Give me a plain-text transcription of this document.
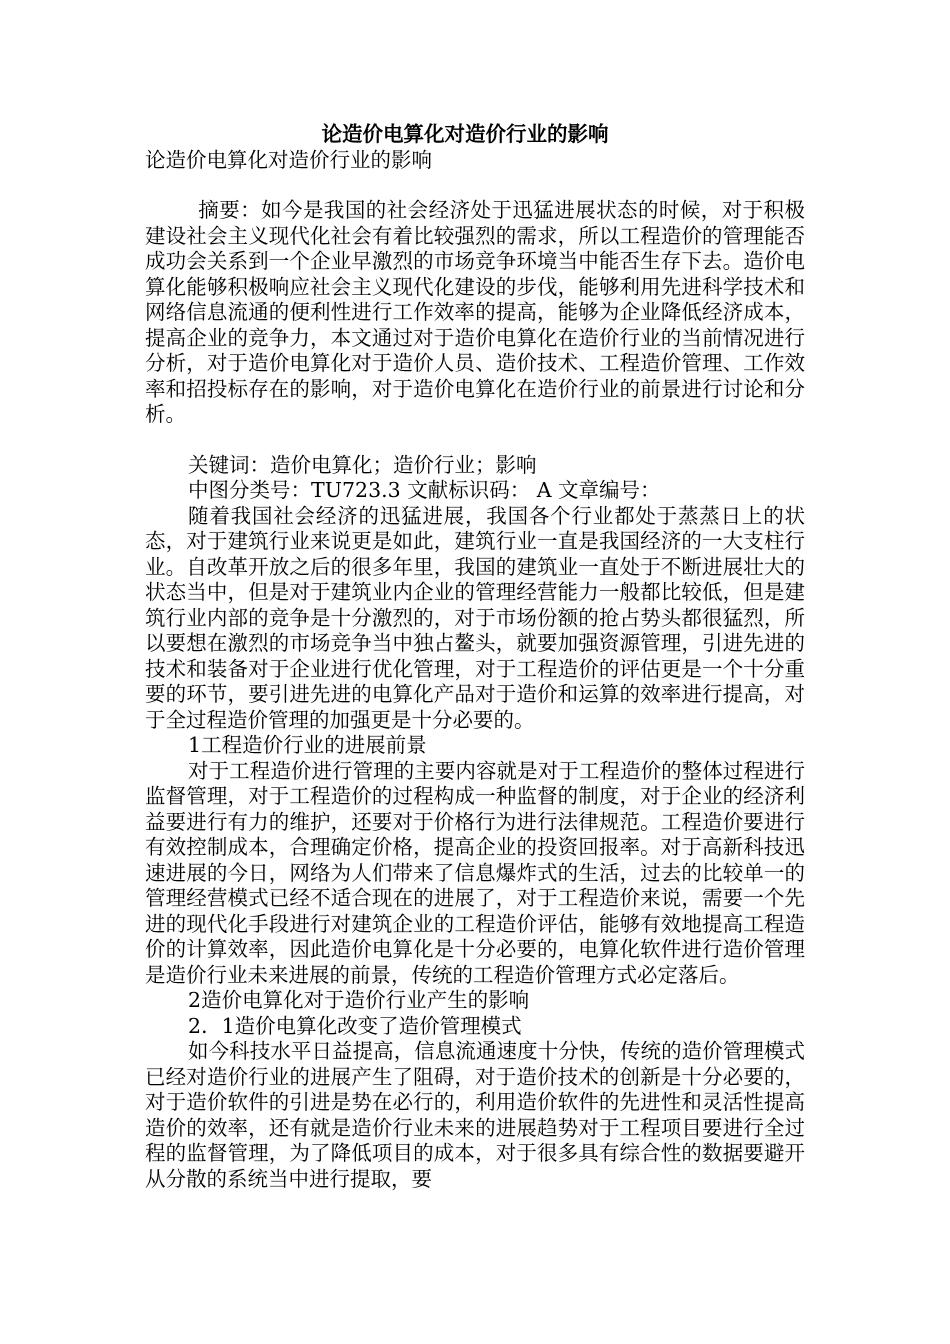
论造价电算化对造价行业的影响

论造价电算化对造价行业的影响

摘要：如今是我国的社会经济处于迅猛进展状态的时候，对于积极建设社会主义现代化社会有着比较强烈的需求，所以工程造价的管理能否成功会关系到一个企业早激烈的市场竞争环境当中能否生存下去。造价电算化能够积极响应社会主义现代化建设的步伐，能够利用先进科学技术和网络信息流通的便利性进行工作效率的提高，能够为企业降低经济成本，提高企业的竞争力，本文通过对于造价电算化在造价行业的当前情况进行分析，对于造价电算化对于造价人员、造价技术、工程造价管理、工作效率和招投标存在的影响，对于造价电算化在造价行业的前景进行讨论和分析。

关键词：造价电算化；造价行业；影响

中图分类号：TU723.3 文献标识码： A 文章编号：

随着我国社会经济的迅猛进展，我国各个行业都处于蒸蒸日上的状态，对于建筑行业来说更是如此，建筑行业一直是我国经济的一大支柱行业。自改革开放之后的很多年里，我国的建筑业一直处于不断进展壮大的状态当中，但是对于建筑业内企业的管理经营能力一般都比较低，但是建筑行业内部的竞争是十分激烈的，对于市场份额的抢占势头都很猛烈，所以要想在激烈的市场竞争当中独占鳌头，就要加强资源管理，引进先进的技术和装备对于企业进行优化管理，对于工程造价的评估更是一个十分重要的环节，要引进先进的电算化产品对于造价和运算的效率进行提高，对于全过程造价管理的加强更是十分必要的。

1工程造价行业的进展前景

对于工程造价进行管理的主要内容就是对于工程造价的整体过程进行监督管理，对于工程造价的过程构成一种监督的制度，对于企业的经济利益要进行有力的维护，还要对于价格行为进行法律规范。工程造价要进行有效控制成本，合理确定价格，提高企业的投资回报率。对于高新科技迅速进展的今日，网络为人们带来了信息爆炸式的生活，过去的比较单一的管理经营模式已经不适合现在的进展了，对于工程造价来说，需要一个先进的现代化手段进行对建筑企业的工程造价评估，能够有效地提高工程造价的计算效率，因此造价电算化是十分必要的，电算化软件进行造价管理是造价行业未来进展的前景，传统的工程造价管理方式必定落后。

2造价电算化对于造价行业产生的影响

2．1造价电算化改变了造价管理模式

如今科技水平日益提高，信息流通速度十分快，传统的造价管理模式已经对造价行业的进展产生了阻碍，对于造价技术的创新是十分必要的，对于造价软件的引进是势在必行的，利用造价软件的先进性和灵活性提高造价的效率，还有就是造价行业未来的进展趋势对于工程项目要进行全过程的监督管理，为了降低项目的成本，对于很多具有综合性的数据要避开从分散的系统当中进行提取，要
